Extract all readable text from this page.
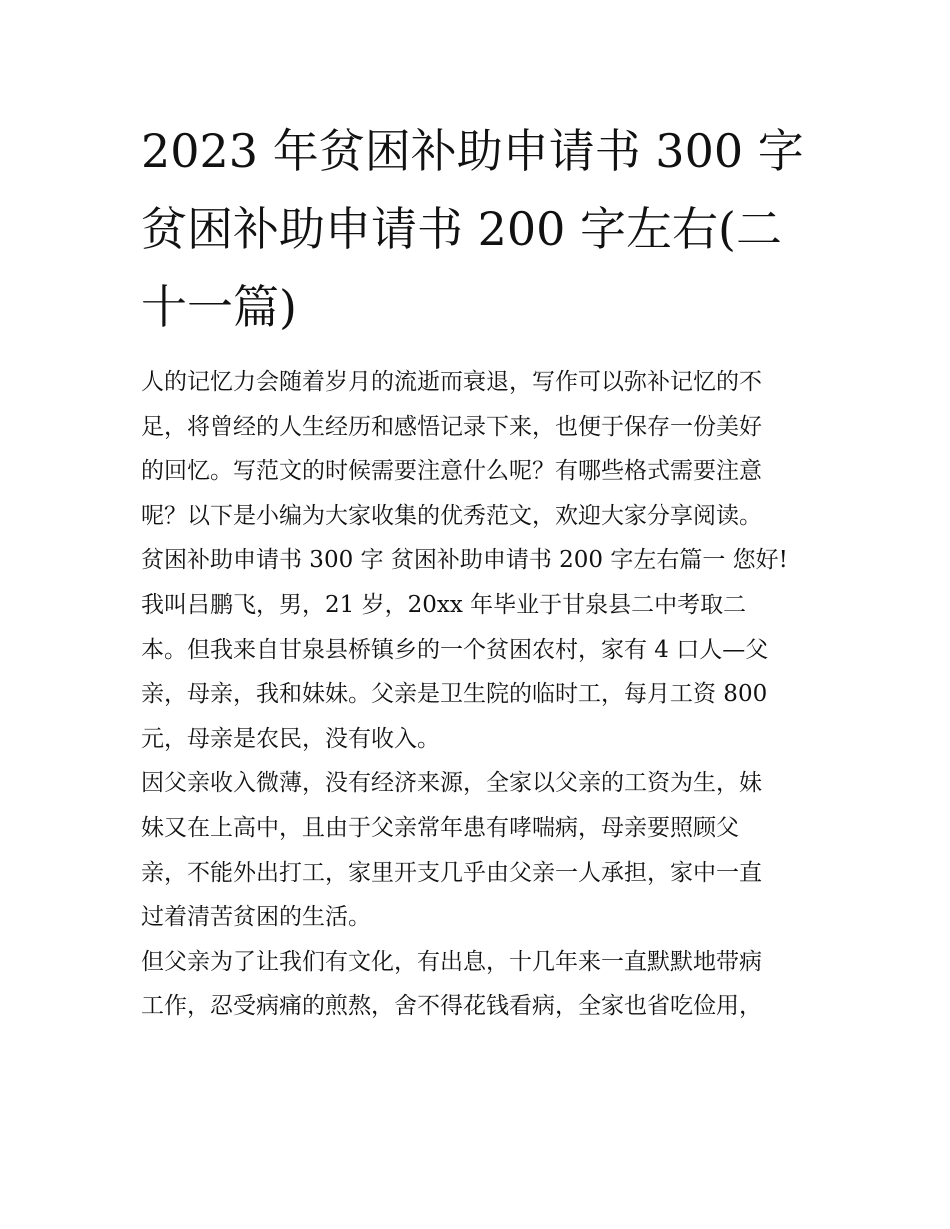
2023 年贫困补助申请书 300 字
贫困补助申请书 200 字左右(二
十一篇)
人的记忆力会随着岁月的流逝而衰退，写作可以弥补记忆的不
足，将曾经的人生经历和感悟记录下来，也便于保存一份美好
的回忆。写范文的时候需要注意什么呢？有哪些格式需要注意
呢？以下是小编为大家收集的优秀范文，欢迎大家分享阅读。
贫困补助申请书 300 字 贫困补助申请书 200 字左右篇一 您好!
我叫吕鹏飞，男，21 岁，20xx 年毕业于甘泉县二中考取二
本。但我来自甘泉县桥镇乡的一个贫困农村，家有 4 口人—父
亲，母亲，我和妹妹。父亲是卫生院的临时工，每月工资 800
元，母亲是农民，没有收入。
因父亲收入微薄，没有经济来源，全家以父亲的工资为生，妹
妹又在上高中，且由于父亲常年患有哮喘病，母亲要照顾父
亲，不能外出打工，家里开支几乎由父亲一人承担，家中一直
过着清苦贫困的生活。
但父亲为了让我们有文化，有出息，十几年来一直默默地带病
工作，忍受病痛的煎熬，舍不得花钱看病，全家也省吃俭用，
